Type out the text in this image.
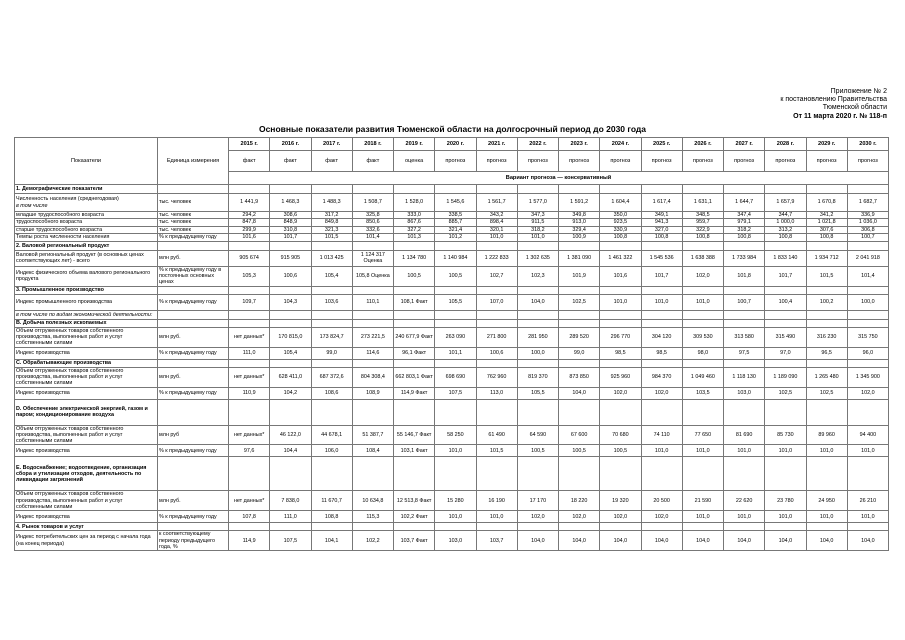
Приложение № 2
к постановлению Правительства
Тюменской области
От 11 марта 2020 г. № 118-п
Основные показатели развития Тюменской области на долгосрочный период до 2030 года
Показатели	Единица измерения	2015 г.	2016 г.	2017 г.	2018 г.	2019 г.	2020 г.	2021 г.	2022 г.	2023 г.	2024 г.	2025 г.	2026 г.	2027 г.	2028 г.	2029 г.	2030 г.
		факт	факт	факт	факт	оценка	прогноз	прогноз	прогноз	прогноз	прогноз	прогноз	прогноз	прогноз	прогноз	прогноз	прогноз
		Вариант прогноза — консервативный															
1. Демографические показатели																	
Численность населения (среднегодовая)
в том числе	тыс. человек	1 441,9	1 468,3	1 488,3	1 508,7	1 528,0	1 545,6	1 561,7	1 577,0	1 591,2	1 604,4	1 617,4	1 631,1	1 644,7	1 657,9	1 670,8	1 682,7
младше трудоспособного возраста	тыс. человек	294,2	308,6	317,2	325,8	333,0	338,5	343,2	347,3	349,8	350,0	349,1	348,5	347,4	344,7	341,2	336,9
трудоспособного возраста	тыс. человек	847,8	848,9	849,8	850,6	867,6	885,7	898,4	911,5	913,0	923,5	941,3	959,7	979,1	1 000,0	1 021,8	1 036,0
старше трудоспособного возраста	тыс. человек	299,9	310,8	321,3	332,6	327,2	321,4	320,1	318,2	329,4	330,9	327,0	322,9	318,2	313,2	307,6	306,8
Темпы роста численности населения	% к предыдущему году	101,6	101,7	101,5	101,4	101,3	101,2	101,0	101,0	100,9	100,8	100,8	100,8	100,8	100,8	100,8	100,7
2. Валовой региональный продукт																	
Валовой региональный продукт (в основных ценах соответствующих лет) - всего	млн руб.	905 674	915 905	1 013 425	1 124 317 Оценка	1 134 780	1 140 984	1 222 833	1 302 635	1 381 090	1 461 322	1 545 536	1 638 388	1 733 984	1 833 140	1 934 712	2 041 918
Индекс физического объема валового регионального продукта	% к предыдущему году в постоянных основных ценах	105,3	100,6	105,4	105,8 Оценка	100,5	100,5	102,7	102,3	101,9	101,6	101,7	102,0	101,8	101,7	101,5	101,4
3. Промышленное производство																	
Индекс промышленного производства	% к предыдущему году	109,7	104,3	103,6	110,1	108,1 Факт	105,5	107,0	104,0	102,5	101,0	101,0	101,0	100,7	100,4	100,2	100,0
в том числе по видам экономической деятельности:																	
В. Добыча полезных ископаемых																	
Объем отгруженных товаров собственного производства, выполненных работ и услуг собственными силами	млн руб.	нет данных*	170 815,0	173 824,7	273 221,5	240 677,9 Факт	263 090	271 800	281 950	289 520	296 770	304 120	309 530	313 580	315 490	316 230	315 750
Индекс производства	% к предыдущему году	111,0	105,4	99,0	114,6	96,1 Факт	101,1	100,6	100,0	99,0	98,5	98,5	98,0	97,5	97,0	96,5	96,0
С. Обрабатывающие производства																	
Объем отгруженных товаров собственного производства, выполненных работ и услуг собственными силами	млн руб.	нет данных*	628 411,0	687 372,6	804 308,4	662 803,1 Факт	698 690	762 960	819 370	873 850	925 960	984 370	1 049 460	1 118 130	1 189 090	1 265 480	1 345 900
Индекс производства	% к предыдущему году	110,9	104,2	108,6	108,9	114,9 Факт	107,5	113,0	105,5	104,0	102,0	102,0	103,5	103,0	102,5	102,5	102,0
D. Обеспечение электрической энергией, газом и паром; кондиционирование воздуха																	
Объем отгруженных товаров собственного производства, выполненных работ и услуг собственными силами	млн руб	нет данных*	46 122,0	44 678,1	51 387,7	55 146,7 Факт	58 250	61 490	64 590	67 600	70 680	74 110	77 650	81 690	85 730	89 960	94 400
Индекс производства	% к предыдущему году	97,6	104,4	106,0	108,4	103,1 Факт	101,0	101,5	100,5	100,5	100,5	101,0	101,0	101,0	101,0	101,0	101,0
Е. Водоснабжение; водоотведение, организация сбора и утилизации отходов, деятельность по ликвидации загрязнений																	
Объем отгруженных товаров собственного производства, выполненных работ и услуг собственными силами	млн руб.	нет данных*	7 838,0	11 670,7	10 634,8	12 513,8 Факт	15 280	16 190	17 170	18 220	19 320	20 500	21 590	22 620	23 780	24 950	26 210
Индекс производства	% к предыдущему году	107,8	111,0	108,8	115,3	102,2 Факт	101,0	101,0	102,0	102,0	102,0	102,0	101,0	101,0	101,0	101,0	101,0
4. Рынок товаров и услуг																	
Индекс потребительских цен за период с начала года (на конец периода)	к соответствующему периоду предыдущего года, %	114,9	107,5	104,1	102,2	103,7 Факт	103,0	103,7	104,0	104,0	104,0	104,0	104,0	104,0	104,0	104,0	104,0
